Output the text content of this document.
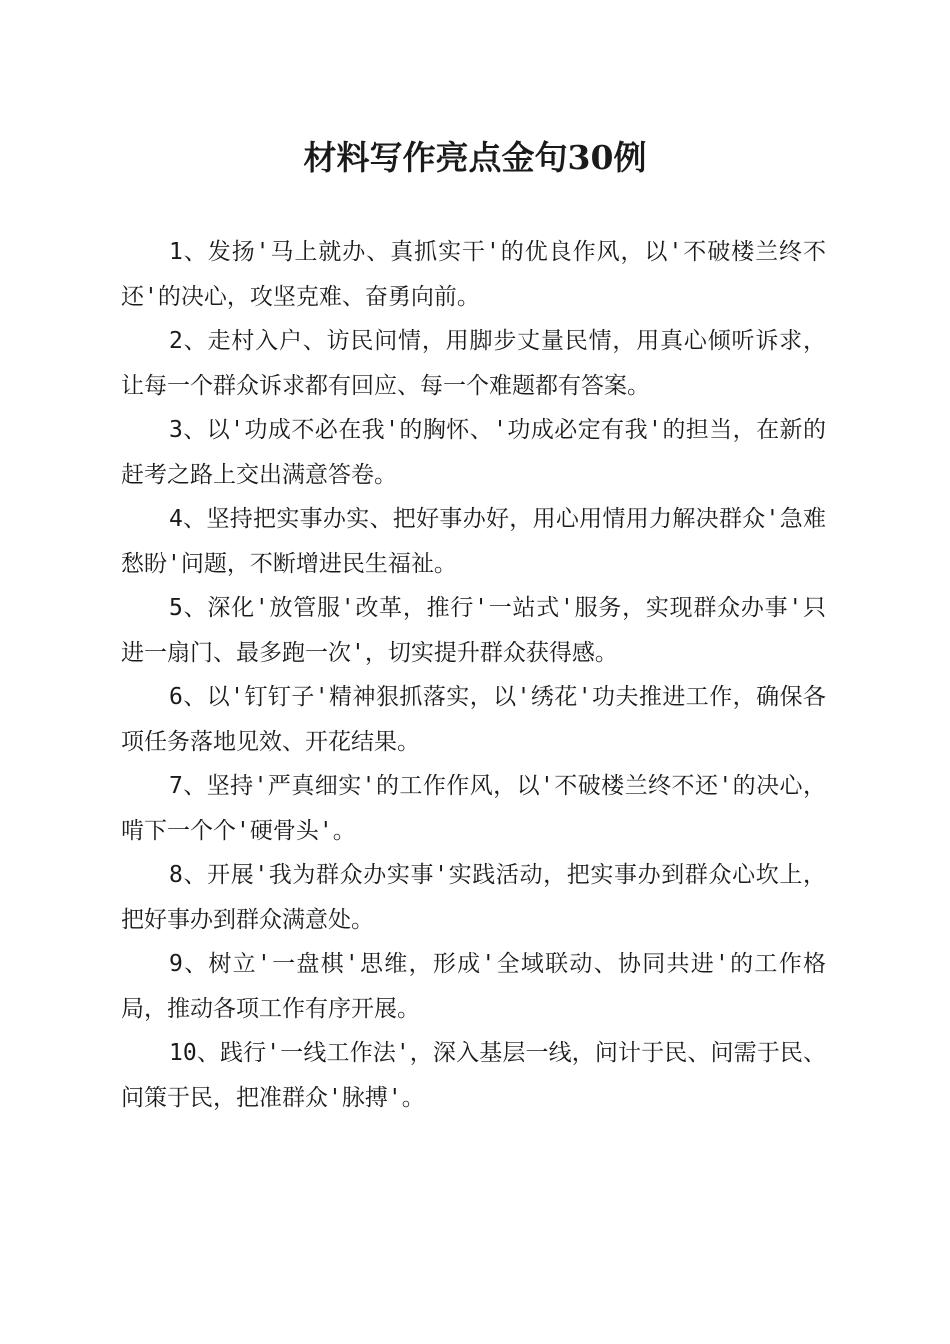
材料写作亮点金句30例

1、发扬'马上就办、真抓实干'的优良作风，以'不破楼兰终不还'的决心，攻坚克难、奋勇向前。

2、走村入户、访民问情，用脚步丈量民情，用真心倾听诉求，让每一个群众诉求都有回应、每一个难题都有答案。

3、以'功成不必在我'的胸怀、'功成必定有我'的担当，在新的赶考之路上交出满意答卷。

4、坚持把实事办实、把好事办好，用心用情用力解决群众'急难愁盼'问题，不断增进民生福祉。

5、深化'放管服'改革，推行'一站式'服务，实现群众办事'只进一扇门、最多跑一次'，切实提升群众获得感。

6、以'钉钉子'精神狠抓落实，以'绣花'功夫推进工作，确保各项任务落地见效、开花结果。

7、坚持'严真细实'的工作作风，以'不破楼兰终不还'的决心，啃下一个个'硬骨头'。

8、开展'我为群众办实事'实践活动，把实事办到群众心坎上，把好事办到群众满意处。

9、树立'一盘棋'思维，形成'全域联动、协同共进'的工作格局，推动各项工作有序开展。

10、践行'一线工作法'，深入基层一线，问计于民、问需于民、问策于民，把准群众'脉搏'。
